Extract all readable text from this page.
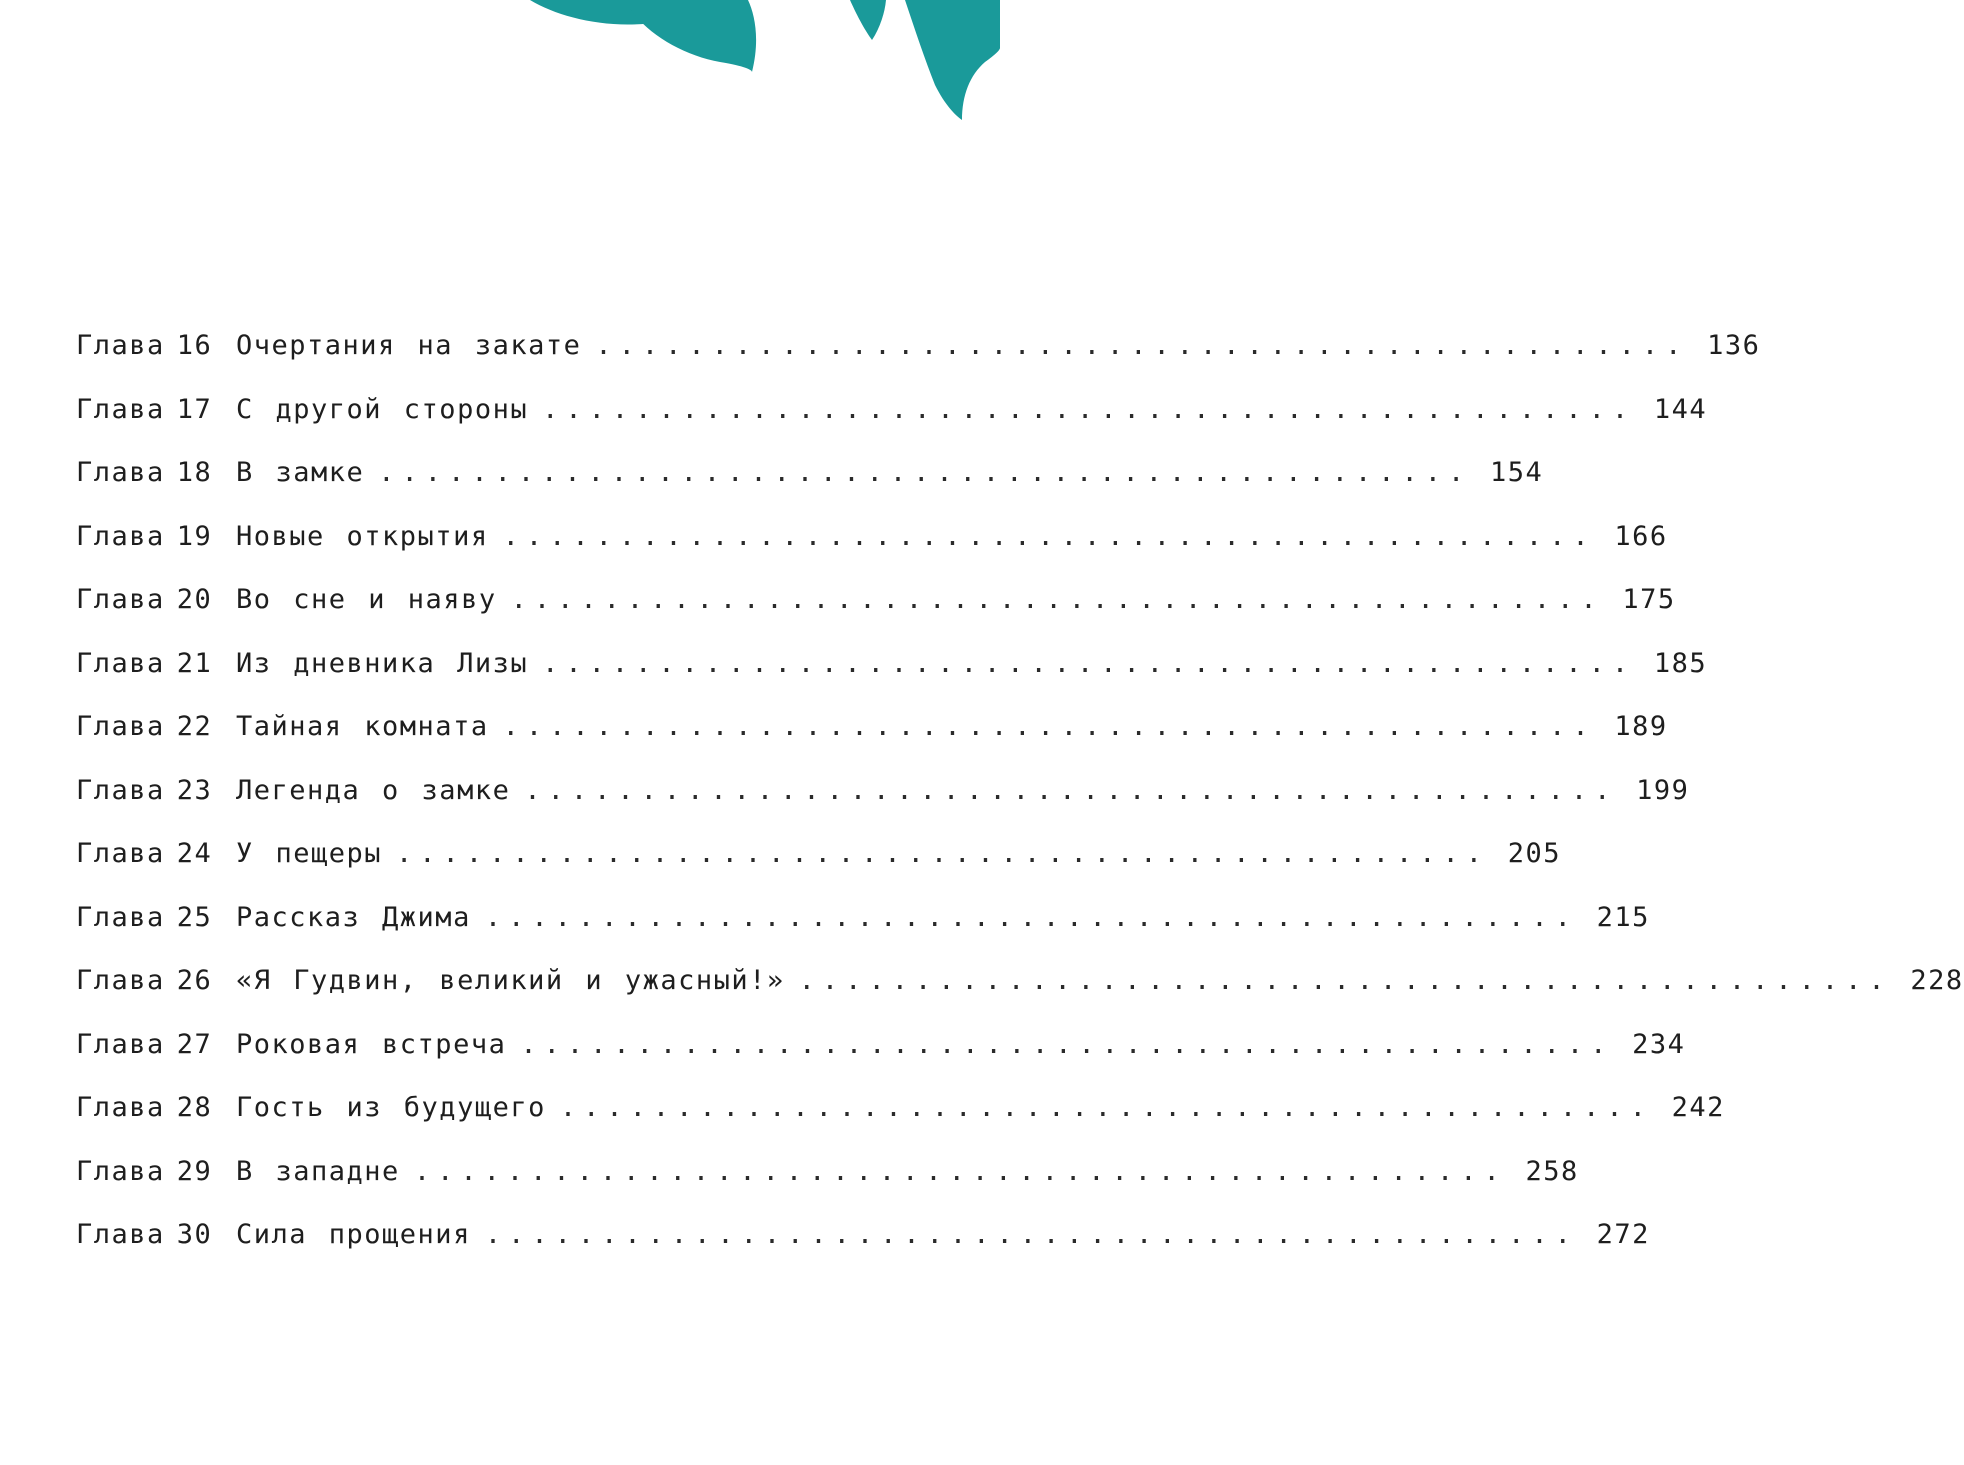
Глава 16 Очертания на закате ............................................... 136
Глава 17 С другой стороны ............................................... 144
Глава 18 В замке ............................................... 154
Глава 19 Новые открытия ............................................... 166
Глава 20 Во сне и наяву ............................................... 175
Глава 21 Из дневника Лизы ............................................... 185
Глава 22 Тайная комната ............................................... 189
Глава 23 Легенда о замке ............................................... 199
Глава 24 У пещеры ............................................... 205
Глава 25 Рассказ Джима ............................................... 215
Глава 26 «Я Гудвин, великий и ужасный!» ............................................... 228
Глава 27 Роковая встреча ............................................... 234
Глава 28 Гость из будущего ............................................... 242
Глава 29 В западне ............................................... 258
Глава 30 Сила прощения ............................................... 272
